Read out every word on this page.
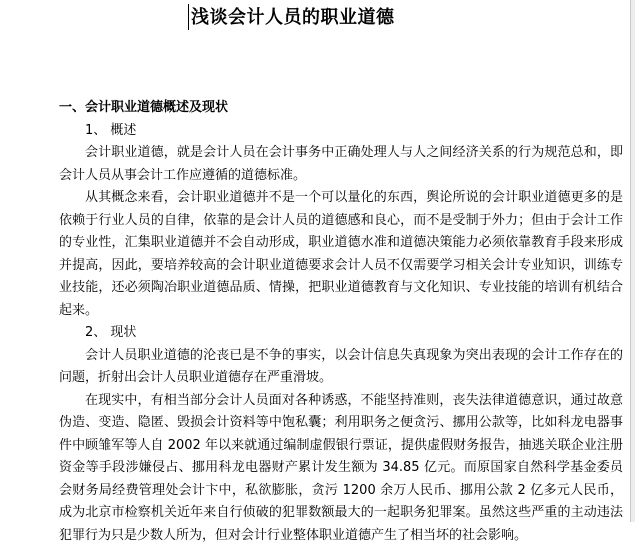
浅谈会计人员的职业道德

一、会计职业道德概述及现状

1、 概述

会计职业道德，就是会计人员在会计事务中正确处理人与人之间经济关系的行为规范总和，即会计人员从事会计工作应遵循的道德标准。

从其概念来看，会计职业道德并不是一个可以量化的东西，舆论所说的会计职业道德更多的是依赖于行业人员的自律，依靠的是会计人员的道德感和良心，而不是受制于外力；但由于会计工作的专业性，汇集职业道德并不会自动形成，职业道德水准和道德决策能力必须依靠教育手段来形成并提高，因此，要培养较高的会计职业道德要求会计人员不仅需要学习相关会计专业知识，训练专业技能，还必须陶冶职业道德品质、情操，把职业道德教育与文化知识、专业技能的培训有机结合起来。

2、 现状

会计人员职业道德的沦丧已是不争的事实，以会计信息失真现象为突出表现的会计工作存在的问题，折射出会计人员职业道德存在严重滑坡。

在现实中，有相当部分会计人员面对各种诱惑，不能坚持准则，丧失法律道德意识，通过故意伪造、变造、隐匿、毁损会计资料等中饱私囊；利用职务之便贪污、挪用公款等，比如科龙电器事件中顾雏军等人自 2002 年以来就通过编制虚假银行票证，提供虚假财务报告，抽逃关联企业注册资金等手段涉嫌侵占、挪用科龙电器财产累计发生额为 34.85 亿元。而原国家自然科学基金委员会财务局经费管理处会计卞中，私欲膨胀，贪污 1200 余万人民币、挪用公款 2 亿多元人民币，成为北京市检察机关近年来自行侦破的犯罪数额最大的一起职务犯罪案。虽然这些严重的主动违法犯罪行为只是少数人所为，但对会计行业整体职业道德产生了相当坏的社会影响。
